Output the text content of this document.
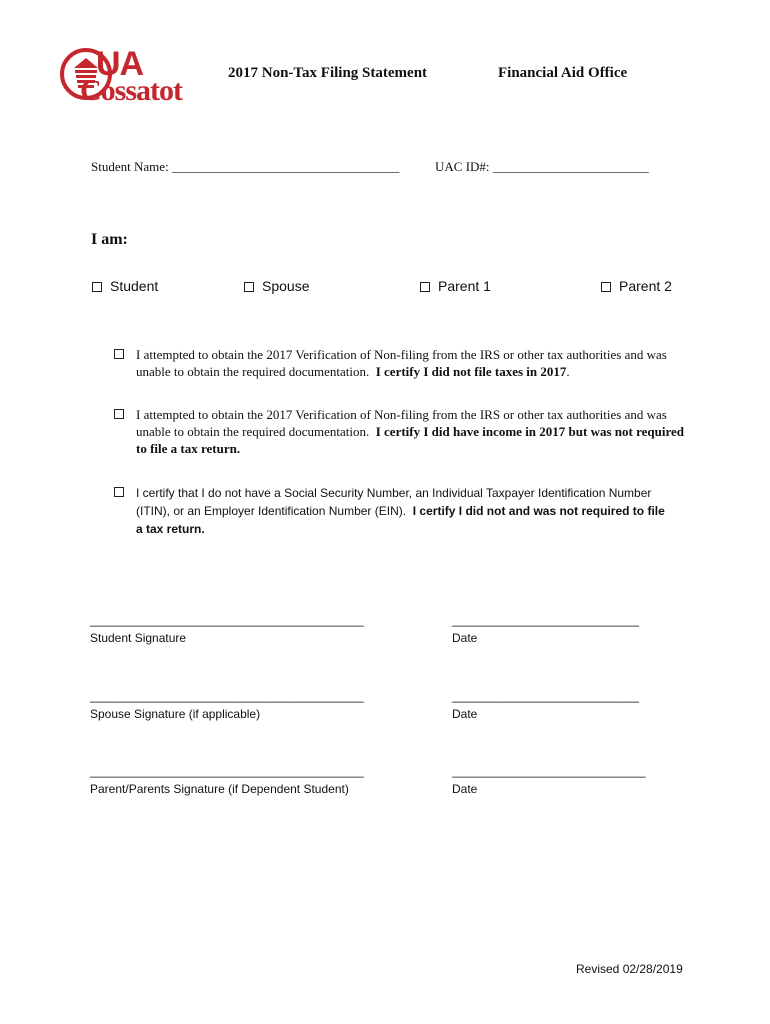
UA
Cossatot
2017 Non-Tax Filing Statement	Financial Aid Office
Student Name: ___________________________________	UAC ID#: ________________________
I am:
Student	Spouse	Parent 1	Parent 2
I attempted to obtain the 2017 Verification of Non-filing from the IRS or other tax authorities and was unable to obtain the required documentation. I certify I did not file taxes in 2017.
I attempted to obtain the 2017 Verification of Non-filing from the IRS or other tax authorities and was unable to obtain the required documentation. I certify I did have income in 2017 but was not required to file a tax return.
I certify that I do not have a Social Security Number, an Individual Taxpayer Identification Number (ITIN), or an Employer Identification Number (EIN). I certify I did not and was not required to file a tax return.
_________________________________________
Student Signature
____________________________
Date
_________________________________________
Spouse Signature (if applicable)
____________________________
Date
_________________________________________
Parent/Parents Signature (if Dependent Student)
_____________________________
Date
Revised 02/28/2019
